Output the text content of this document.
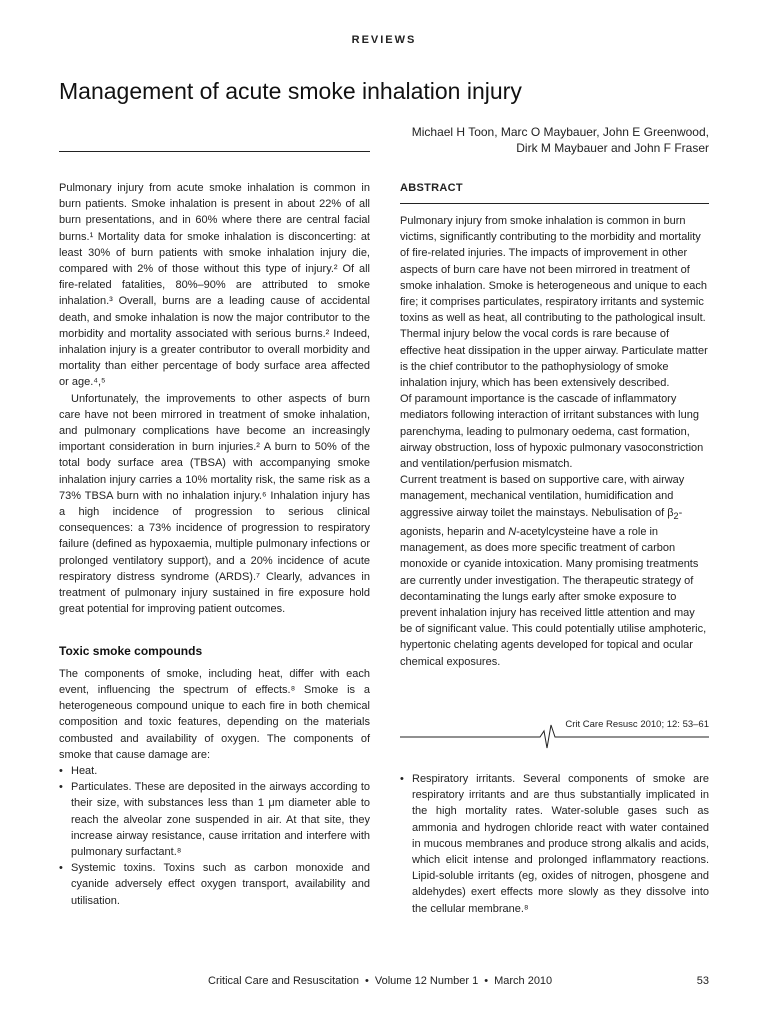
REVIEWS
Management of acute smoke inhalation injury
Michael H Toon, Marc O Maybauer, John E Greenwood,
Dirk M Maybauer and John F Fraser

Pulmonary injury from acute smoke inhalation is common in burn patients. Smoke inhalation is present in about 22% of all burn presentations, and in 60% where there are central facial burns.¹ Mortality data for smoke inhalation is disconcerting: at least 30% of burn patients with smoke inhalation injury die, compared with 2% of those without this type of injury.² Of all fire-related fatalities, 80%–90% are attributed to smoke inhalation.³ Overall, burns are a leading cause of accidental death, and smoke inhalation is now the major contributor to the morbidity and mortality associated with serious burns.² Indeed, inhalation injury is a greater contributor to overall morbidity and mortality than either percentage of body surface area affected or age.⁴,⁵

Unfortunately, the improvements to other aspects of burn care have not been mirrored in treatment of smoke inhalation, and pulmonary complications have become an increasingly important consideration in burn injuries.² A burn to 50% of the total body surface area (TBSA) with accompanying smoke inhalation injury carries a 10% mortality risk, the same risk as a 73% TBSA burn with no inhalation injury.⁶ Inhalation injury has a high incidence of progression to serious clinical consequences: a 73% incidence of progression to respiratory failure (defined as hypoxaemia, multiple pulmonary infections or prolonged ventilatory support), and a 20% incidence of acute respiratory distress syndrome (ARDS).⁷ Clearly, advances in treatment of pulmonary injury sustained in fire exposure hold great potential for improving patient outcomes.

Toxic smoke compounds

The components of smoke, including heat, differ with each event, influencing the spectrum of effects.⁸ Smoke is a heterogeneous compound unique to each fire in both chemical composition and toxic features, depending on the materials combusted and availability of oxygen. The components of smoke that cause damage are:

• Heat.
• Particulates. These are deposited in the airways according to their size, with substances less than 1 μm diameter able to reach the alveolar zone suspended in air. At that site, they increase airway resistance, cause irritation and interfere with pulmonary surfactant.⁸
• Systemic toxins. Toxins such as carbon monoxide and cyanide adversely effect oxygen transport, availability and utilisation.
ABSTRACT

Pulmonary injury from smoke inhalation is common in burn victims, significantly contributing to the morbidity and mortality of fire-related injuries. The impacts of improvement in other aspects of burn care have not been mirrored in treatment of smoke inhalation. Smoke is heterogeneous and unique to each fire; it comprises particulates, respiratory irritants and systemic toxins as well as heat, all contributing to the pathological insult. Thermal injury below the vocal cords is rare because of effective heat dissipation in the upper airway. Particulate matter is the chief contributor to the pathophysiology of smoke inhalation injury, which has been extensively described.

Of paramount importance is the cascade of inflammatory mediators following interaction of irritant substances with lung parenchyma, leading to pulmonary oedema, cast formation, airway obstruction, loss of hypoxic pulmonary vasoconstriction and ventilation/perfusion mismatch.

Current treatment is based on supportive care, with airway management, mechanical ventilation, humidification and aggressive airway toilet the mainstays. Nebulisation of $\beta_2$-agonists, heparin and N-acetylcysteine have a role in management, as does more specific treatment of carbon monoxide or cyanide intoxication. Many promising treatments are currently under investigation. The therapeutic strategy of decontaminating the lungs early after smoke exposure to prevent inhalation injury has received little attention and may be of significant value. This could potentially utilise amphoteric, hypertonic chelating agents developed for topical and ocular chemical exposures.

Crit Care Resusc 2010; 12: 53–61
• Respiratory irritants. Several components of smoke are respiratory irritants and are thus substantially implicated in the high mortality rates. Water-soluble gases such as ammonia and hydrogen chloride react with water contained in mucous membranes and produce strong alkalis and acids, which elicit intense and prolonged inflammatory reactions. Lipid-soluble irritants (eg, oxides of nitrogen, phosgene and aldehydes) exert effects more slowly as they dissolve into the cellular membrane.⁸
Critical Care and Resuscitation • Volume 12 Number 1 • March 2010	53
